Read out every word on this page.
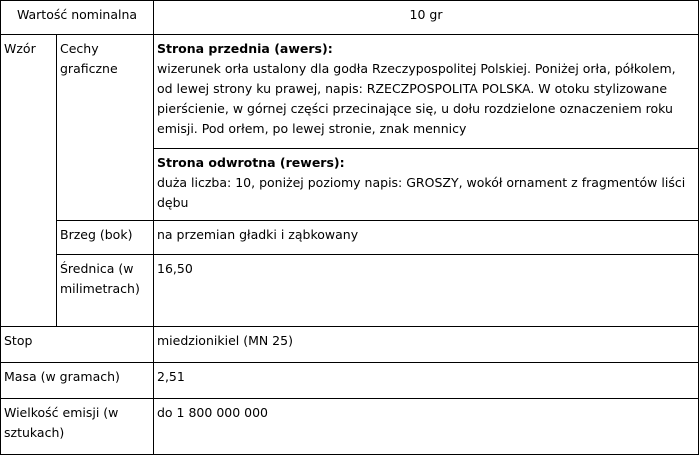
Wartość nominalna		10 gr
Wzór	Cechy graficzne	Strona przednia (awers):
wizerunek orła ustalony dla godła Rzeczypospolitej Polskiej. Poniżej orła, półkolem, od lewej strony ku prawej, napis: RZECZPOSPOLITA POLSKA. W otoku stylizowane pierścienie, w górnej części przecinające się, u dołu rozdzielone oznaczeniem roku emisji. Pod orłem, po lewej stronie, znak mennicy

		Strona odwrotna (rewers):
duża liczba: 10, poniżej poziomy napis: GROSZY, wokół ornament z fragmentów liści dębu

	Brzeg (bok)	na przemian gładki i ząbkowany
	Średnica (w milimetrach)	16,50
Stop		miedzionikiel (MN 25)
Masa (w gramach)		2,51
Wielkość emisji (w sztukach)		do 1 800 000 000
